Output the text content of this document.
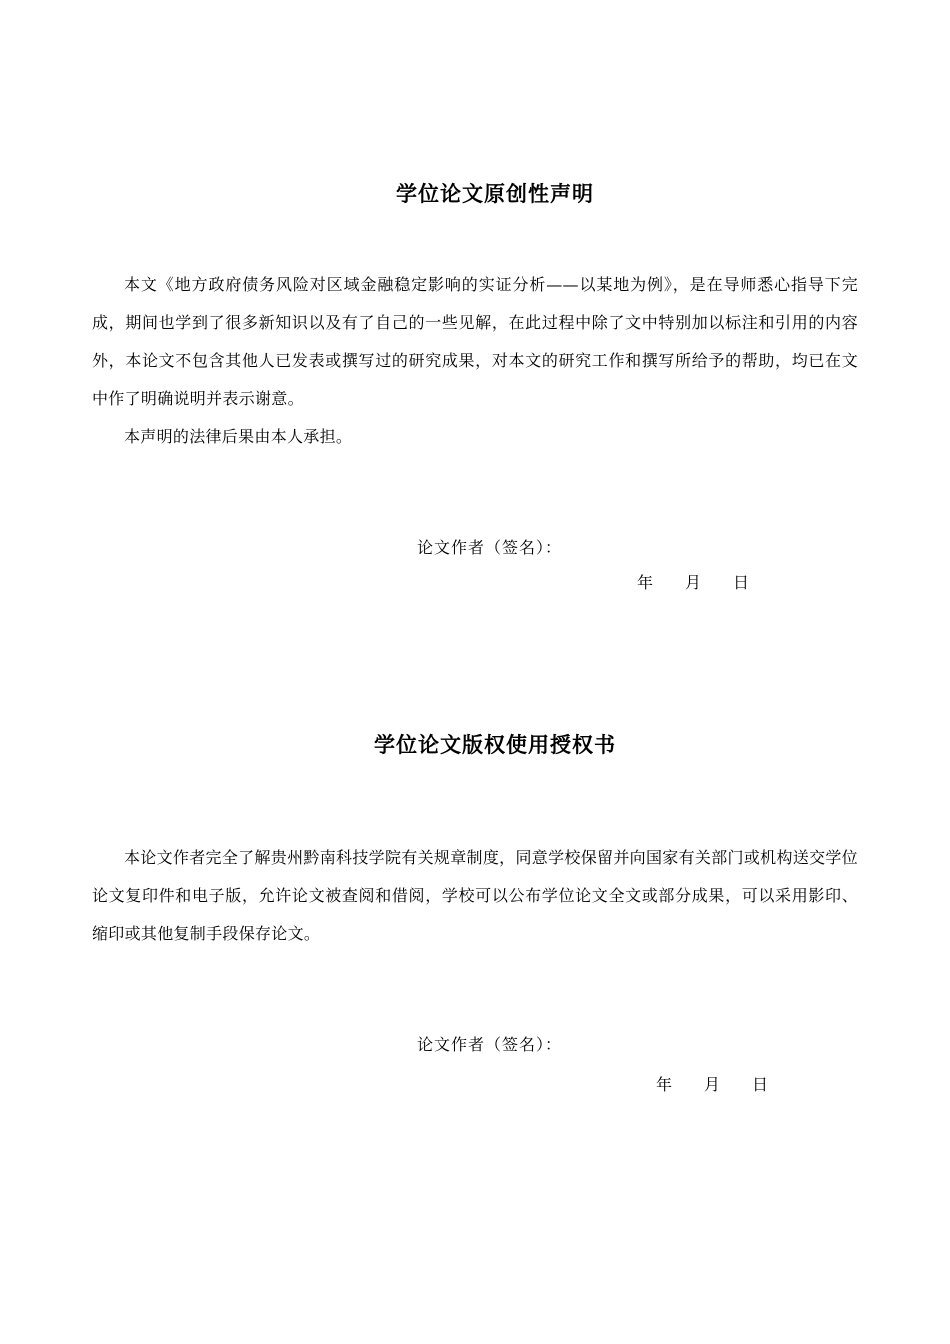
学位论文原创性声明

本文《地方政府债务风险对区域金融稳定影响的实证分析——以某地为例》，是在导师悉心指导下完成，期间也学到了很多新知识以及有了自己的一些见解，在此过程中除了文中特别加以标注和引用的内容外，本论文不包含其他人已发表或撰写过的研究成果，对本文的研究工作和撰写所给予的帮助，均已在文中作了明确说明并表示谢意。

本声明的法律后果由本人承担。

论文作者（签名）：
年 月 日
学位论文版权使用授权书

本论文作者完全了解贵州黔南科技学院有关规章制度，同意学校保留并向国家有关部门或机构送交学位论文复印件和电子版，允许论文被查阅和借阅，学校可以公布学位论文全文或部分成果，可以采用影印、缩印或其他复制手段保存论文。

论文作者（签名）：
年 月 日
